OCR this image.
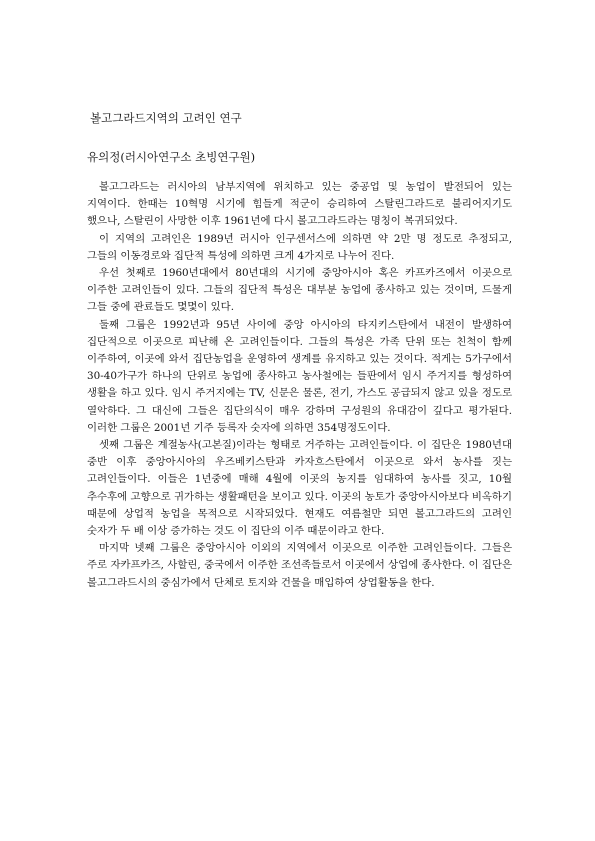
볼고그라드지역의 고려인 연구
유의정(러시아연구소 초빙연구원)

볼고그라드는 러시아의 남부지역에 위치하고 있는 중공업 및 농업이 발전되어 있는 지역이다. 한때는 10혁명 시기에 힘들게 적군이 승리하여 스탈린그라드로 불리어지기도 했으나, 스탈린이 사망한 이후 1961년에 다시 볼고그라드라는 명칭이 복귀되었다.

이 지역의 고려인은 1989년 러시아 인구센서스에 의하면 약 2만 명 정도로 추정되고, 그들의 이동경로와 집단적 특성에 의하면 크게 4가지로 나누어 진다.

우선 첫째로 1960년대에서 80년대의 시기에 중앙아시아 혹은 카프카즈에서 이곳으로 이주한 고려인들이 있다. 그들의 집단적 특성은 대부분 농업에 종사하고 있는 것이며, 드물게 그들 중에 관료들도 몇몇이 있다.

둘째 그룹은 1992년과 95년 사이에 중앙 아시아의 타지키스탄에서 내전이 발생하여 집단적으로 이곳으로 피난해 온 고려인들이다. 그들의 특성은 가족 단위 또는 친척이 함께 이주하여, 이곳에 와서 집단농업을 운영하여 생계를 유지하고 있는 것이다. 적게는 5가구에서 30-40가구가 하나의 단위로 농업에 종사하고 농사철에는 들판에서 임시 주거지를 형성하여 생활을 하고 있다. 임시 주거지에는 TV, 신문은 물론, 전기, 가스도 공급되지 않고 있을 정도로 열악하다. 그 대신에 그들은 집단의식이 매우 강하며 구성원의 유대감이 깊다고 평가된다. 이러한 그룹은 2001년 기주 등록자 숫자에 의하면 354명정도이다.

셋째 그룹은 계절농사(고본질)이라는 형태로 거주하는 고려인들이다. 이 집단은 1980년대 중반 이후 중앙아시아의 우즈베키스탄과 카자흐스탄에서 이곳으로 와서 농사를 짓는 고려인들이다. 이들은 1년중에 매해 4월에 이곳의 농지를 임대하여 농사를 짓고, 10월 추수후에 고향으로 귀가하는 생활패턴을 보이고 있다. 이곳의 농토가 중앙아시아보다 비옥하기 때문에 상업적 농업을 목적으로 시작되었다. 현재도 여름철만 되면 볼고그라드의 고려인 숫자가 두 배 이상 증가하는 것도 이 집단의 이주 때문이라고 한다.

마지막 넷째 그룹은 중앙아시아 이외의 지역에서 이곳으로 이주한 고려인들이다. 그들은 주로 자카프카즈, 사할린, 중국에서 이주한 조선족들로서 이곳에서 상업에 종사한다. 이 집단은 볼고그라드시의 중심가에서 단체로 토지와 건물을 매입하여 상업활동을 한다.
